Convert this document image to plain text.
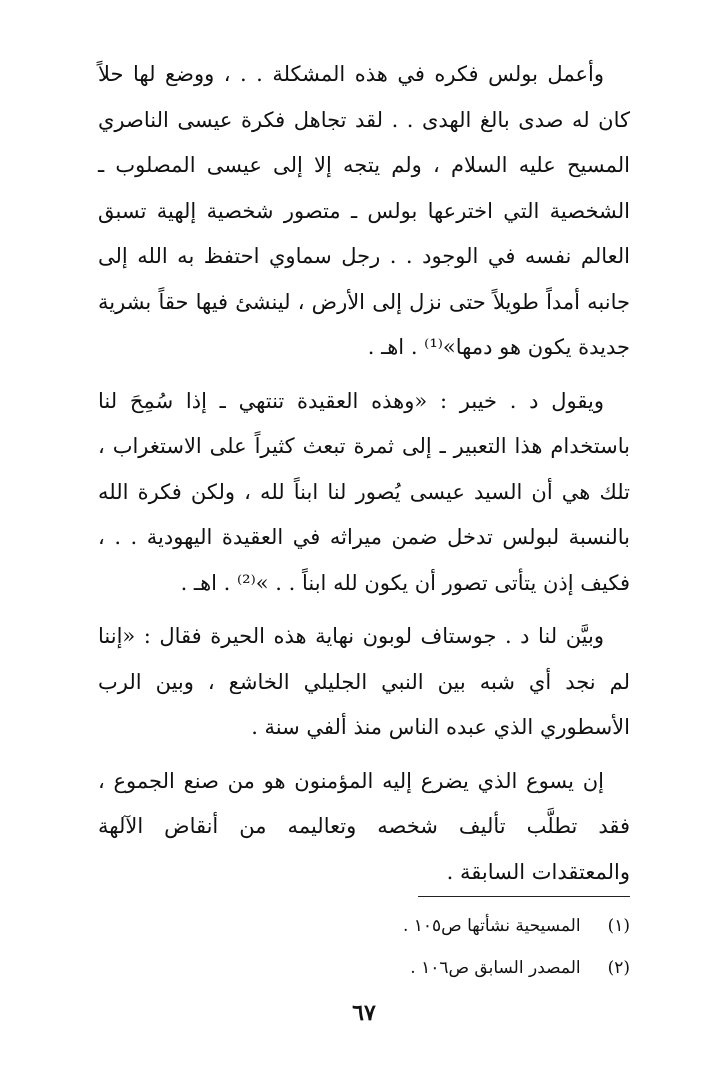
وأعمل بولس فكره في هذه المشكلة . . ، ووضع لها حلاً كان له صدى بالغ الهدى . . لقد تجاهل فكرة عيسى الناصري المسيح عليه السلام ، ولم يتجه إلا إلى عيسى المصلوب ـ الشخصية التي اخترعها بولس ـ متصور شخصية إلهية تسبق العالم نفسه في الوجود . . رجل سماوي احتفظ به الله إلى جانبه أمداً طويلاً حتى نزل إلى الأرض ، لينشئ فيها حقاً بشرية جديدة يكون هو دمها»⁽¹⁾ . اهـ .

ويقول د . خيبر : «وهذه العقيدة تنتهي ـ إذا سُمِحَ لنا باستخدام هذا التعبير ـ إلى ثمرة تبعث كثيراً على الاستغراب ، تلك هي أن السيد عيسى يُصور لنا ابناً لله ، ولكن فكرة الله بالنسبة لبولس تدخل ضمن ميراثه في العقيدة اليهودية . . ، فكيف إذن يتأتى تصور أن يكون لله ابناً . . »⁽²⁾ . اهـ .

وبيَّن لنا د . جوستاف لوبون نهاية هذه الحيرة فقال : «إننا لم نجد أي شبه بين النبي الجليلي الخاشع ، وبين الرب الأسطوري الذي عبده الناس منذ ألفي سنة .

إن يسوع الذي يضرع إليه المؤمنون هو من صنع الجموع ، فقد تطلَّب تأليف شخصه وتعاليمه من أنقاض الآلهة والمعتقدات السابقة .

(١) المسيحية نشأتها ص١٠٥ .
(٢) المصدر السابق ص١٠٦ .
٦٧
